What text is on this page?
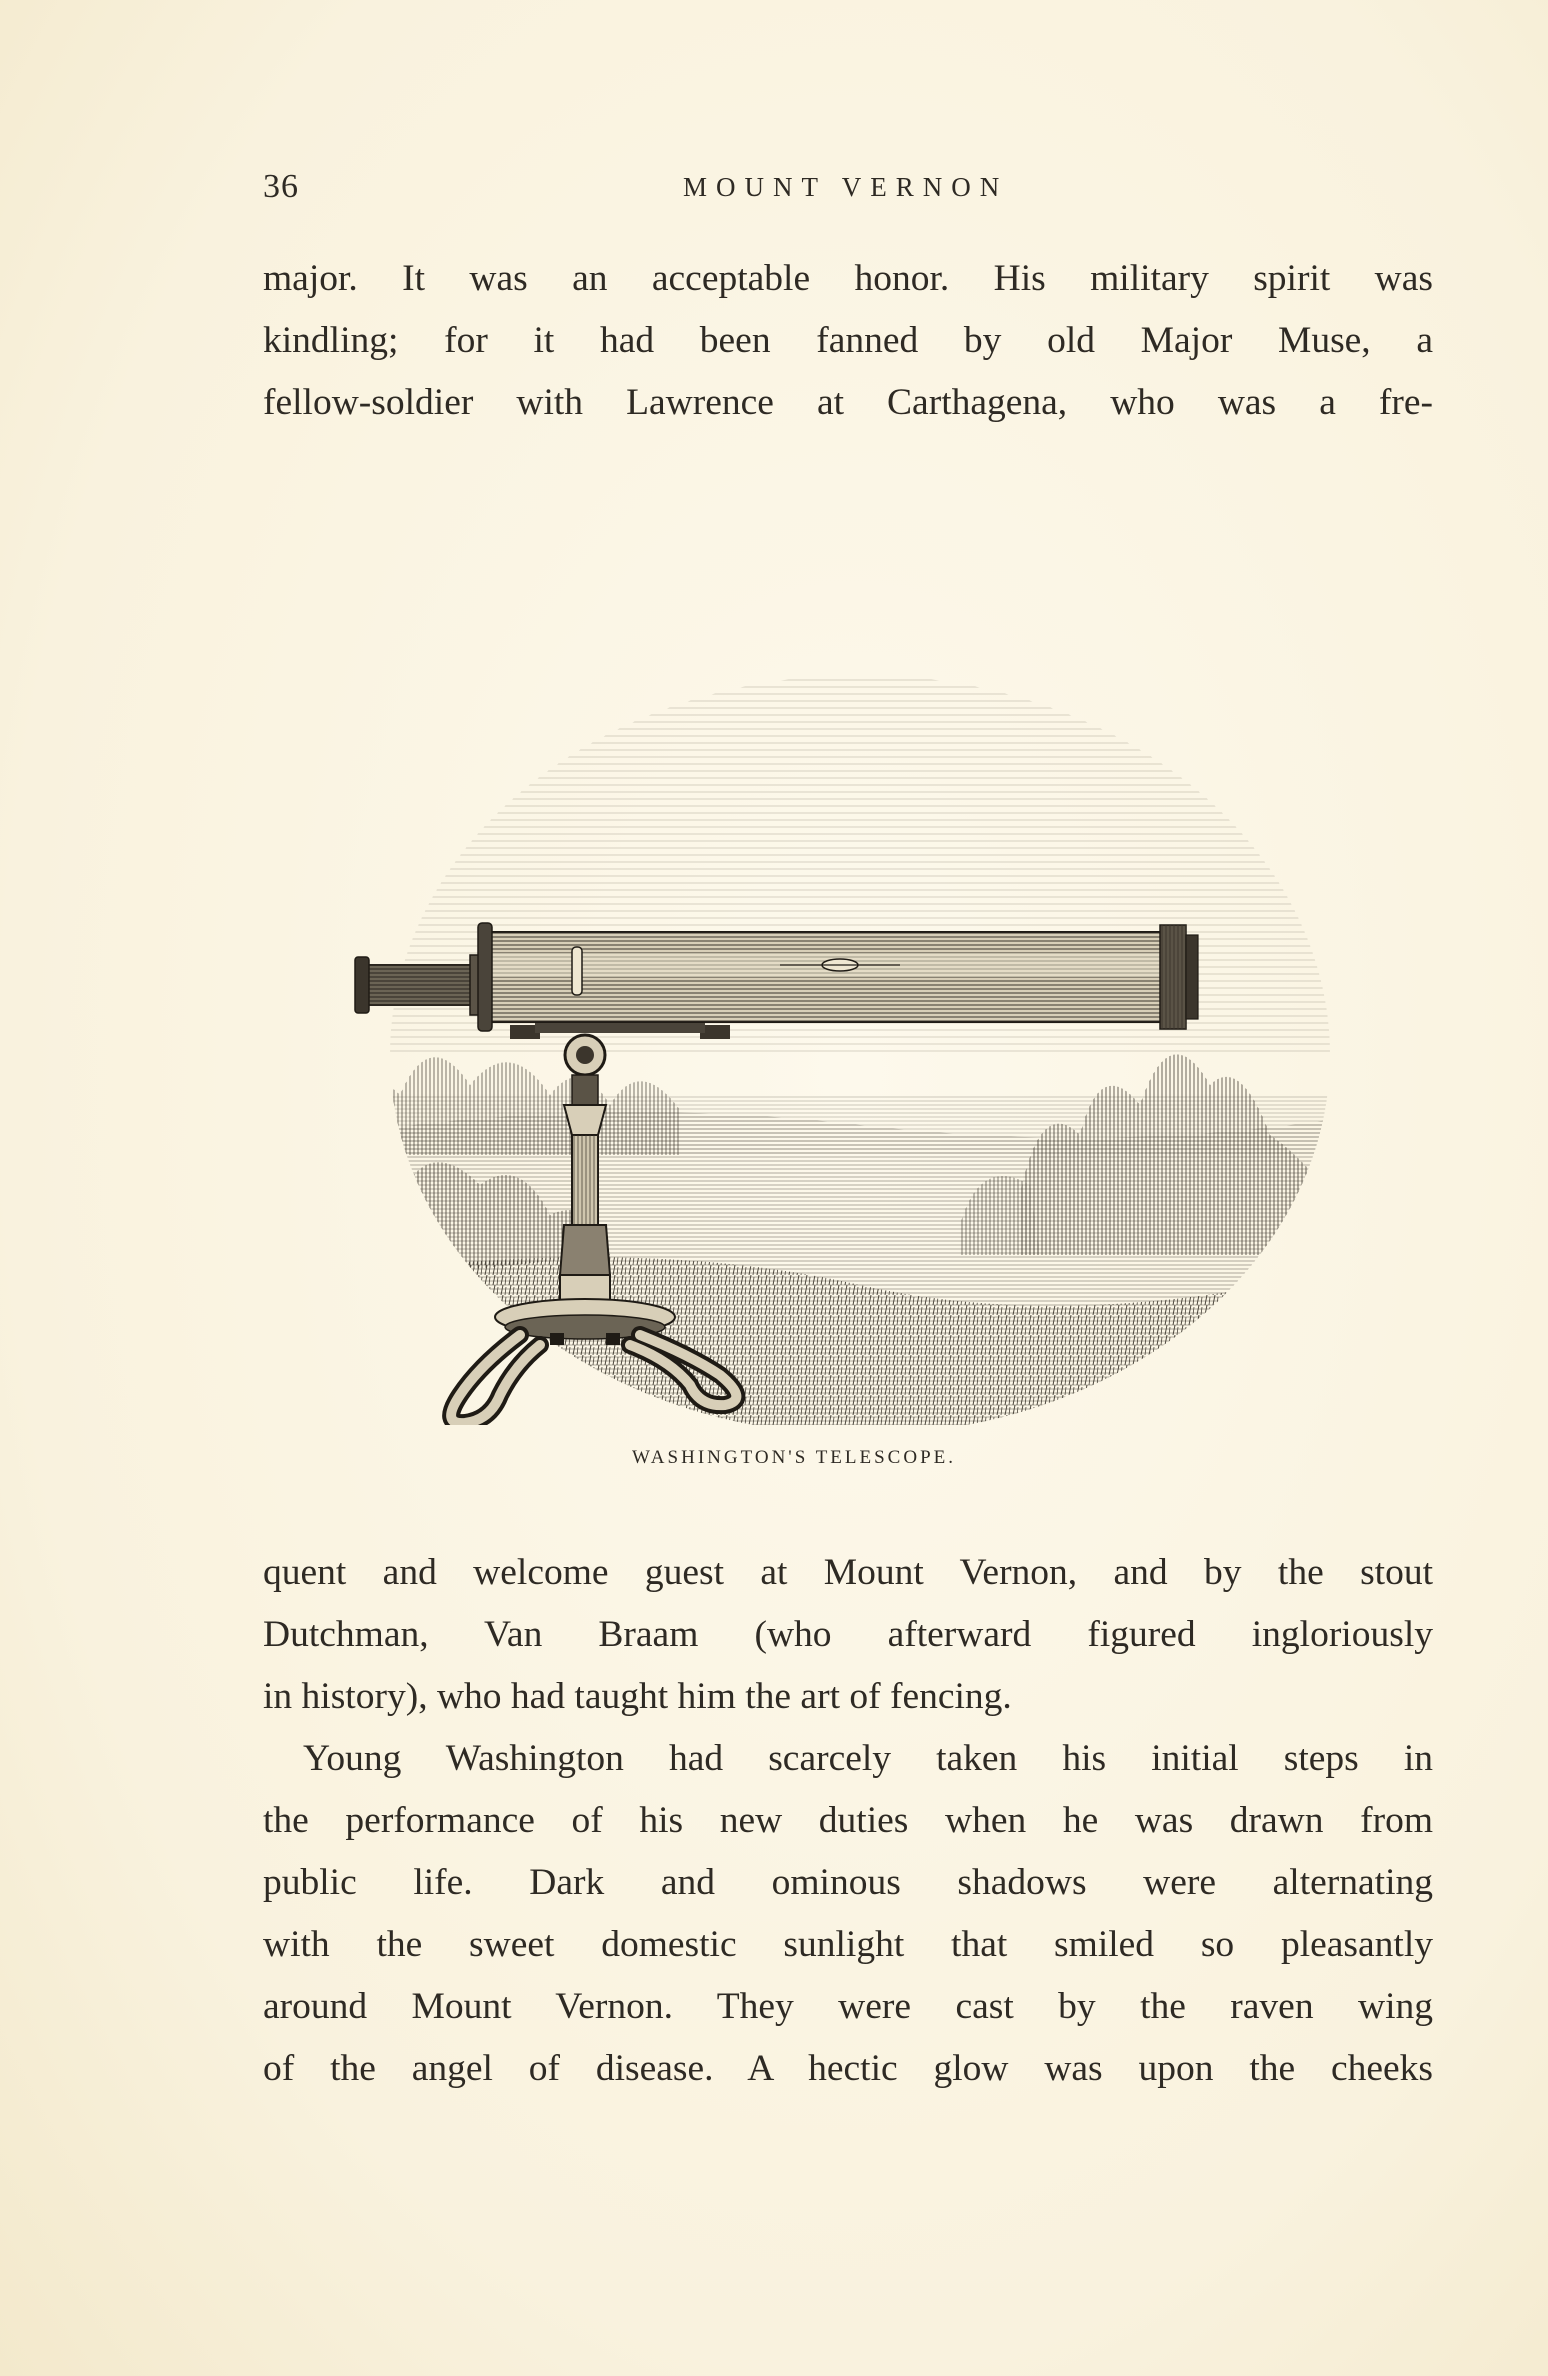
36	MOUNT VERNON

major. It was an acceptable honor. His military spirit was
kindling; for it had been fanned by old Major Muse, a
fellow-soldier with Lawrence at Carthagena, who was a fre-

WASHINGTON'S TELESCOPE.

quent and welcome guest at Mount Vernon, and by the stout
Dutchman, Van Braam (who afterward figured ingloriously
in history), who had taught him the art of fencing.

Young Washington had scarcely taken his initial steps in
the performance of his new duties when he was drawn from
public life. Dark and ominous shadows were alternating
with the sweet domestic sunlight that smiled so pleasantly
around Mount Vernon. They were cast by the raven wing
of the angel of disease. A hectic glow was upon the cheeks
